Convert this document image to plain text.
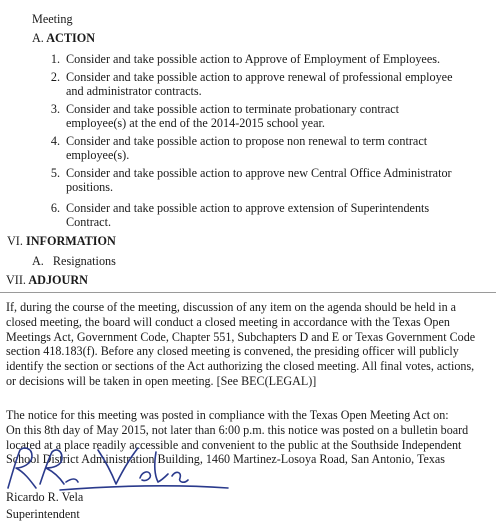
Meeting
A. ACTION
1. Consider and take possible action to Approve of Employment of Employees.
2. Consider and take possible action to approve renewal of professional employee
and administrator contracts.
3. Consider and take possible action to terminate probationary contract
employee(s) at the end of the 2014-2015 school year.
4. Consider and take possible action to propose non renewal to term contract
employee(s).
5. Consider and take possible action to approve new Central Office Administrator
positions.
6. Consider and take possible action to approve extension of Superintendents
Contract.
VI. INFORMATION
A. Resignations
VII. ADJOURN
If, during the course of the meeting, discussion of any item on the agenda should be held in a
closed meeting, the board will conduct a closed meeting in accordance with the Texas Open
Meetings Act, Government Code, Chapter 551, Subchapters D and E or Texas Government Code
section 418.183(f). Before any closed meeting is convened, the presiding officer will publicly
identify the section or sections of the Act authorizing the closed meeting. All final votes, actions,
or decisions will be taken in open meeting. [See BEC(LEGAL)]
The notice for this meeting was posted in compliance with the Texas Open Meeting Act on:
On this 8th day of May 2015, not later than 6:00 p.m. this notice was posted on a bulletin board
located at a place readily accessible and convenient to the public at the Southside Independent
School District Administration Building, 1460 Martinez-Losoya Road, San Antonio, Texas
Ricardo R. Vela
Superintendent
